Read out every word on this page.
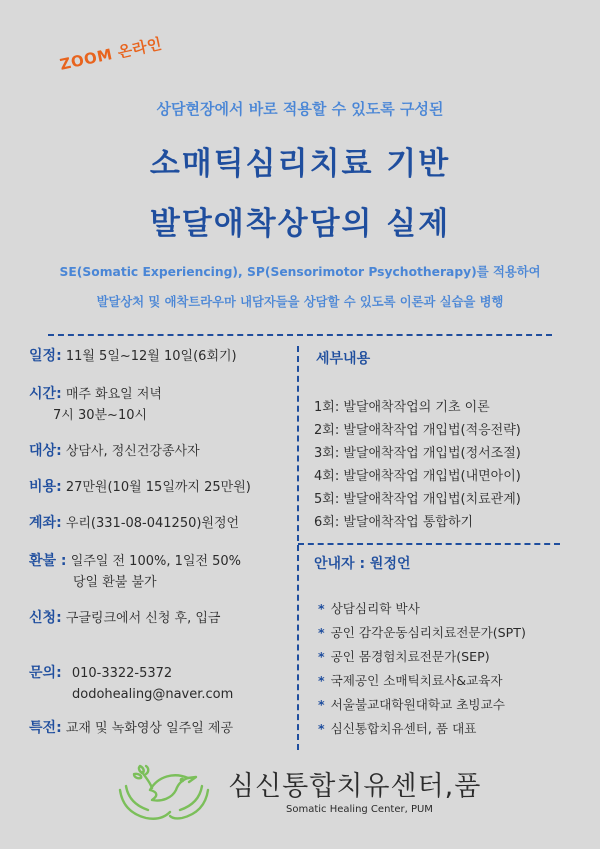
ZOOM 온라인
상담현장에서 바로 적용할 수 있도록 구성된
소매틱심리치료 기반
발달애착상담의 실제
SE(Somatic Experiencing), SP(Sensorimotor Psychotherapy)를 적용하여
발달상처 및 애착트라우마 내담자들을 상담할 수 있도록 이론과 실습을 병행
일정: 11월 5일~12월 10일(6회기)
시간: 매주 화요일 저녁
7시 30분~10시
대상: 상담사, 정신건강종사자
비용: 27만원(10월 15일까지 25만원)
계좌: 우리(331-08-041250)원정언
환불 : 일주일 전 100%, 1일전 50%
당일 환불 불가
신청: 구글링크에서 신청 후, 입금
문의: 010-3322-5372
dodohealing@naver.com
특전: 교재 및 녹화영상 일주일 제공
세부내용
1회: 발달애착작업의 기초 이론
2회: 발달애착작업 개입법(적응전략)
3회: 발달애착작업 개입법(정서조절)
4회: 발달애착작업 개입법(내면아이)
5회: 발달애착작업 개입법(치료관계)
6회: 발달애착작업 통합하기
안내자 : 원정언
* 상담심리학 박사
* 공인 감각운동심리치료전문가(SPT)
* 공인 몸경험치료전문가(SEP)
* 국제공인 소매틱치료사&교육자
* 서울불교대학원대학교 초빙교수
* 심신통합치유센터, 품 대표
심신통합치유센터,품
Somatic Healing Center, PUM
